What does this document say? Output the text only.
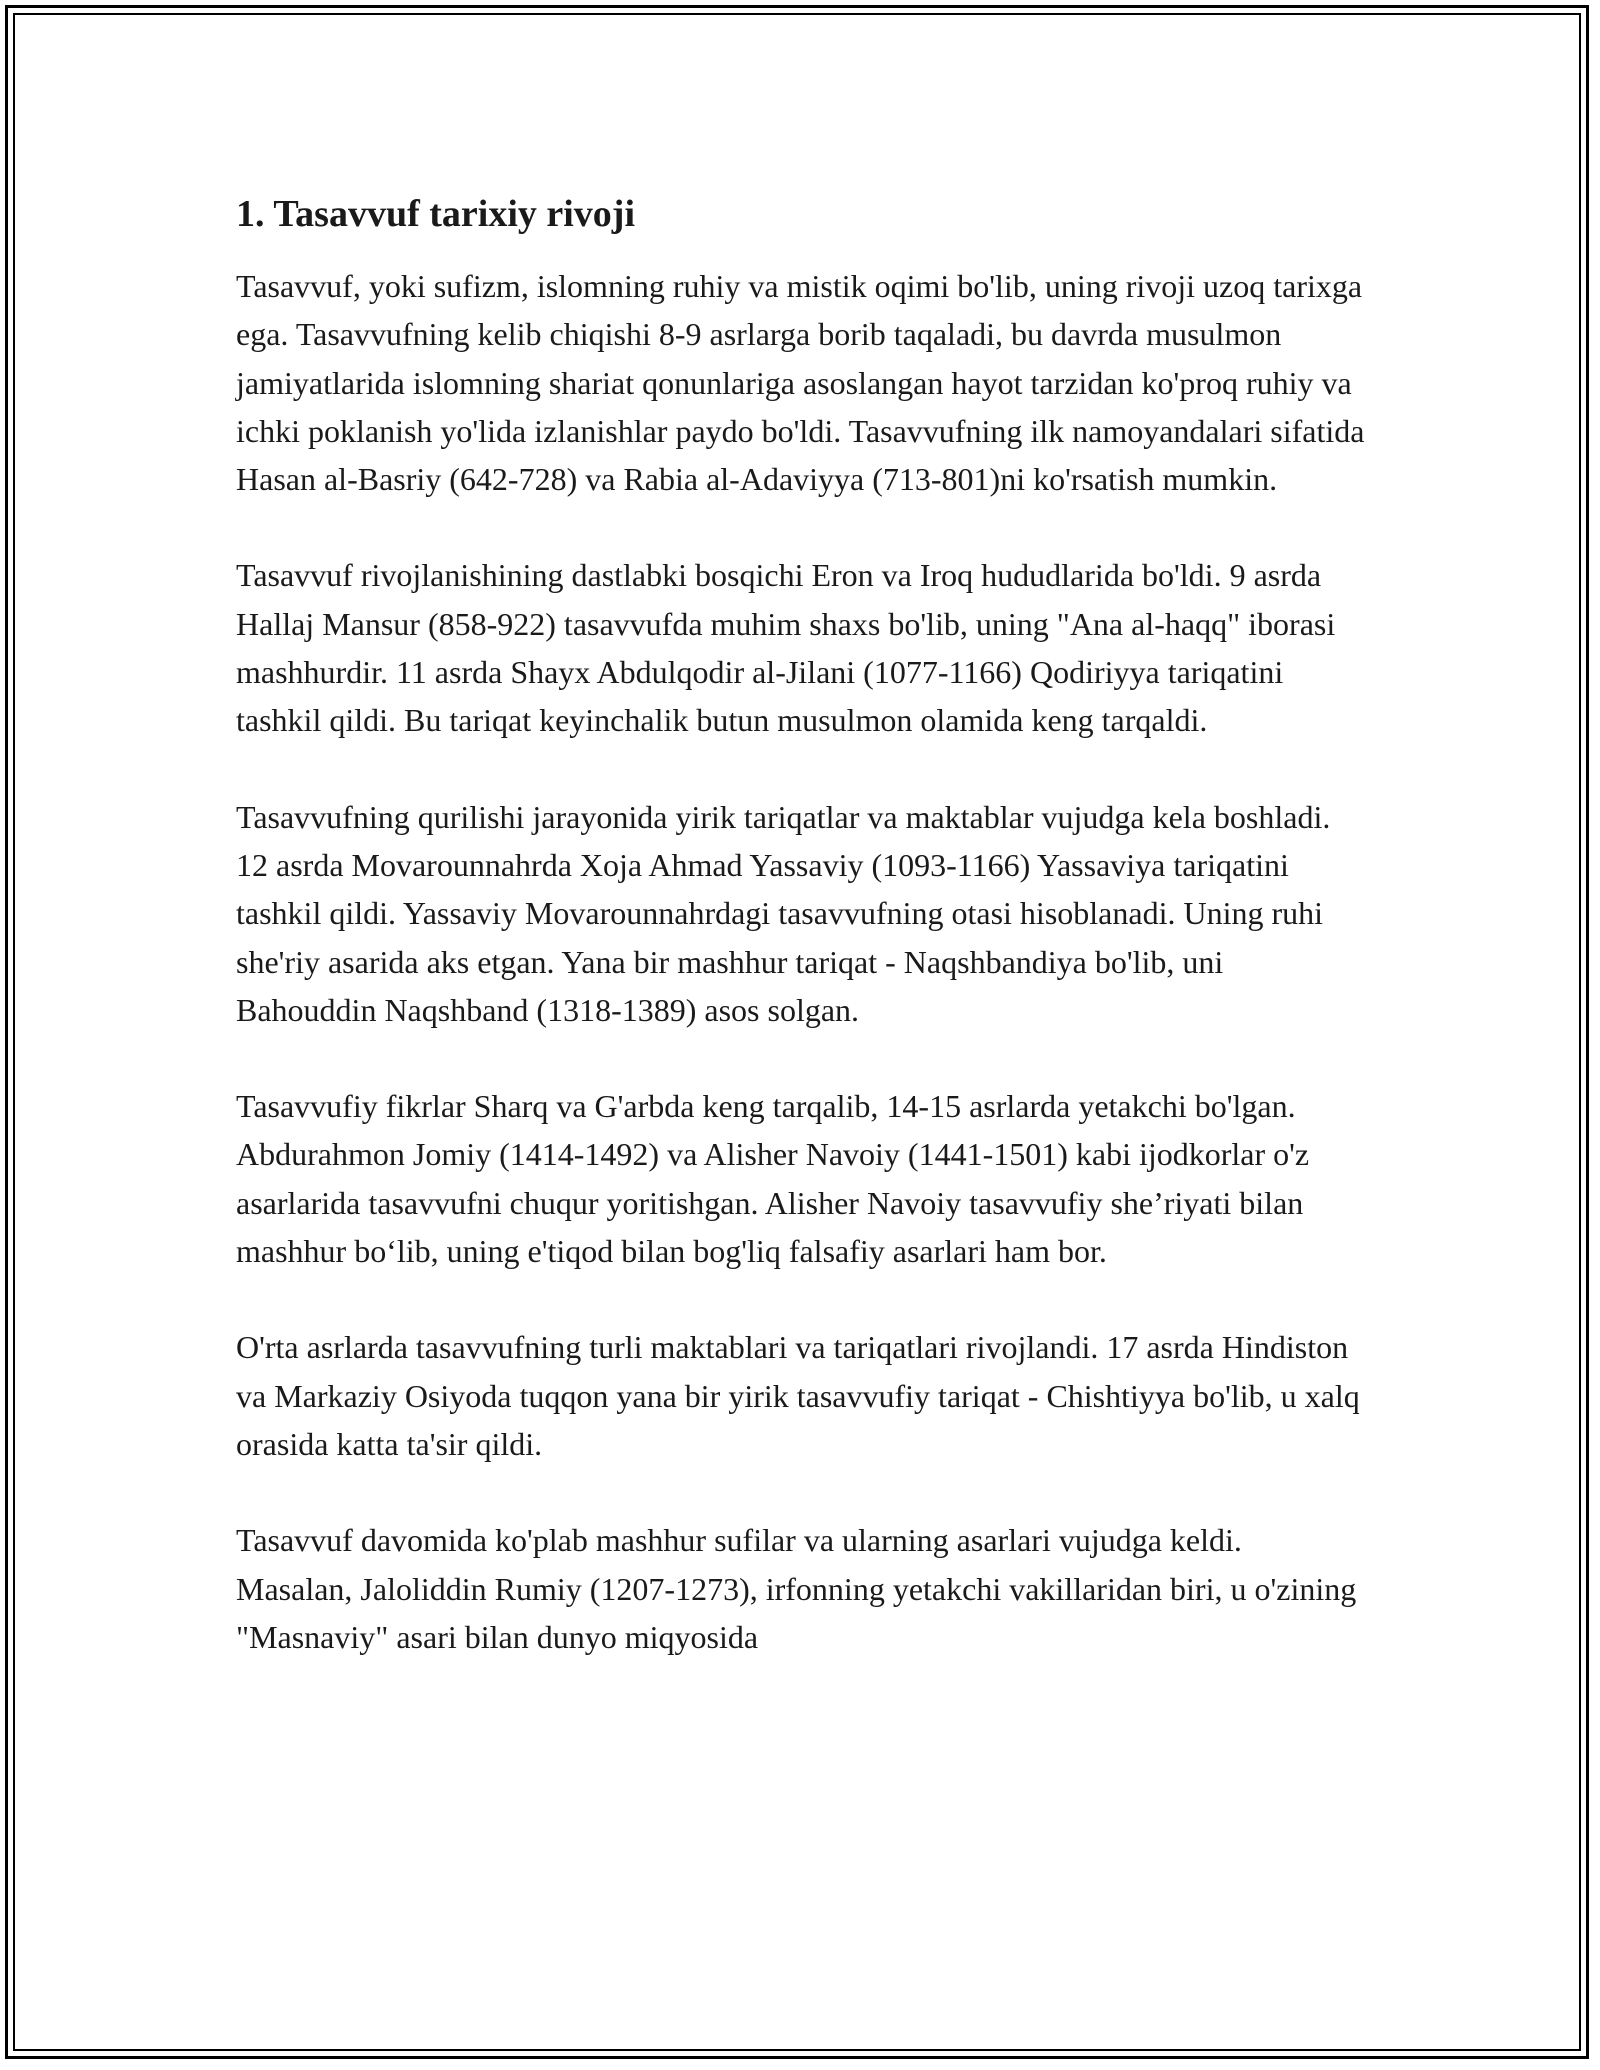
1. Tasavvuf tarixiy rivoji

Tasavvuf, yoki sufizm, islomning ruhiy va mistik oqimi bo'lib, uning rivoji uzoq tarixga ega. Tasavvufning kelib chiqishi 8-9 asrlarga borib taqaladi, bu davrda musulmon jamiyatlarida islomning shariat qonunlariga asoslangan hayot tarzidan ko'proq ruhiy va ichki poklanish yo'lida izlanishlar paydo bo'ldi. Tasavvufning ilk namoyandalari sifatida Hasan al-Basriy (642-728) va Rabia al-Adaviyya (713-801)ni ko'rsatish mumkin.

Tasavvuf rivojlanishining dastlabki bosqichi Eron va Iroq hududlarida bo'ldi. 9 asrda Hallaj Mansur (858-922) tasavvufda muhim shaxs bo'lib, uning "Ana al-haqq" iborasi mashhurdir. 11 asrda Shayx Abdulqodir al-Jilani (1077-1166) Qodiriyya tariqatini tashkil qildi. Bu tariqat keyinchalik butun musulmon olamida keng tarqaldi.

Tasavvufning qurilishi jarayonida yirik tariqatlar va maktablar vujudga kela boshladi. 12 asrda Movarounnahrda Xoja Ahmad Yassaviy (1093-1166) Yassaviya tariqatini tashkil qildi. Yassaviy Movarounnahrdagi tasavvufning otasi hisoblanadi. Uning ruhi she'riy asarida aks etgan. Yana bir mashhur tariqat - Naqshbandiya bo'lib, uni Bahouddin Naqshband (1318-1389) asos solgan.

Tasavvufiy fikrlar Sharq va G'arbda keng tarqalib, 14-15 asrlarda yetakchi bo'lgan. Abdurahmon Jomiy (1414-1492) va Alisher Navoiy (1441-1501) kabi ijodkorlar o'z asarlarida tasavvufni chuqur yoritishgan. Alisher Navoiy tasavvufiy she’riyati bilan mashhur bo‘lib, uning e'tiqod bilan bog'liq falsafiy asarlari ham bor.

O'rta asrlarda tasavvufning turli maktablari va tariqatlari rivojlandi. 17 asrda Hindiston va Markaziy Osiyoda tuqqon yana bir yirik tasavvufiy tariqat - Chishtiyya bo'lib, u xalq orasida katta ta'sir qildi.

Tasavvuf davomida ko'plab mashhur sufilar va ularning asarlari vujudga keldi. Masalan, Jaloliddin Rumiy (1207-1273), irfonning yetakchi vakillaridan biri, u o'zining "Masnaviy" asari bilan dunyo miqyosida
